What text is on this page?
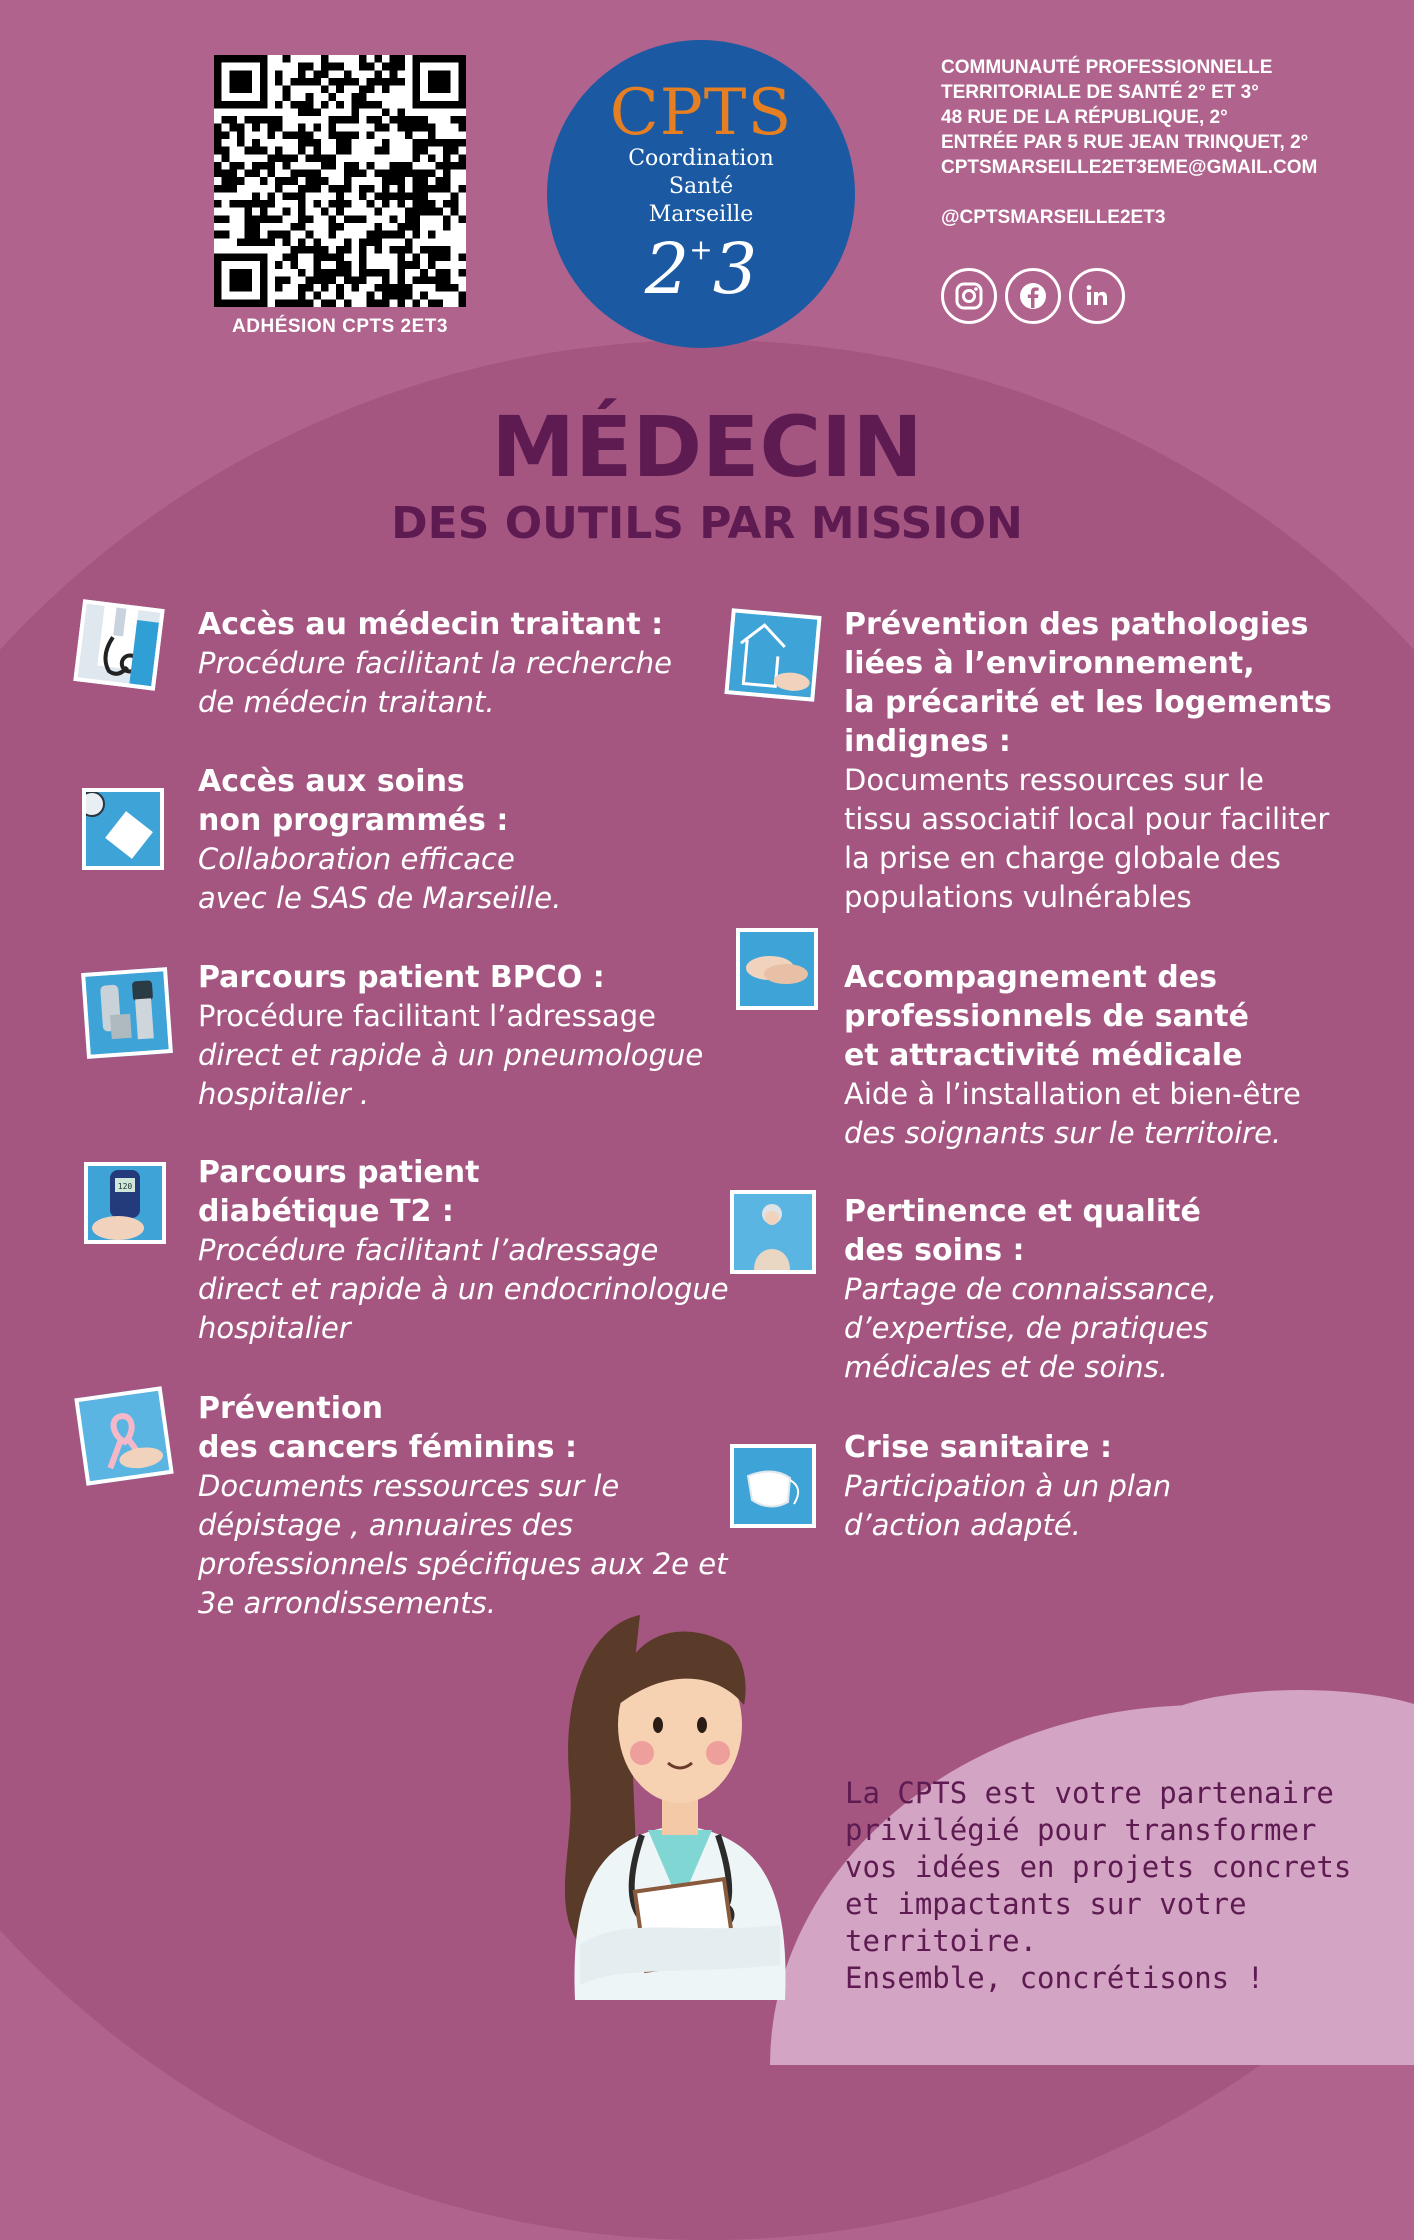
ADHÉSION CPTS 2ET3
CPTS
Coordination
Santé
Marseille
2+3
COMMUNAUTÉ PROFESSIONNELLE
TERRITORIALE DE SANTÉ 2° ET 3°
48 RUE DE LA RÉPUBLIQUE, 2°
ENTRÉE PAR 5 RUE JEAN TRINQUET, 2°
CPTSMARSEILLE2ET3EME@GMAIL.COM
@CPTSMARSEILLE2ET3
MÉDECIN
DES OUTILS PAR MISSION
Accès au médecin traitant :
Procédure facilitant la recherche
de médecin traitant.
Accès aux soins
non programmés :
Collaboration efficace
avec le SAS de Marseille.
Parcours patient BPCO :
Procédure facilitant l’adressage
direct et rapide à un pneumologue
hospitalier .
120 Parcours patient
diabétique T2 :
Procédure facilitant l’adressage
direct et rapide à un endocrinologue
hospitalier
Prévention
des cancers féminins :
Documents ressources sur le
dépistage , annuaires des
professionnels spécifiques aux 2e et
3e arrondissements.
Prévention des pathologies
liées à l’environnement,
la précarité et les logements
indignes :
Documents ressources sur le
tissu associatif local pour faciliter
la prise en charge globale des
populations vulnérables
Accompagnement des
professionnels de santé
et attractivité médicale
Aide à l’installation et bien-être
des soignants sur le territoire.
Pertinence et qualité
des soins :
Partage de connaissance,
d’expertise, de pratiques
médicales et de soins.
Crise sanitaire :
Participation à un plan
d’action adapté.
La CPTS est votre partenaire
privilégié pour transformer
vos idées en projets concrets
et impactants sur votre territoire.
Ensemble, concrétisons !
